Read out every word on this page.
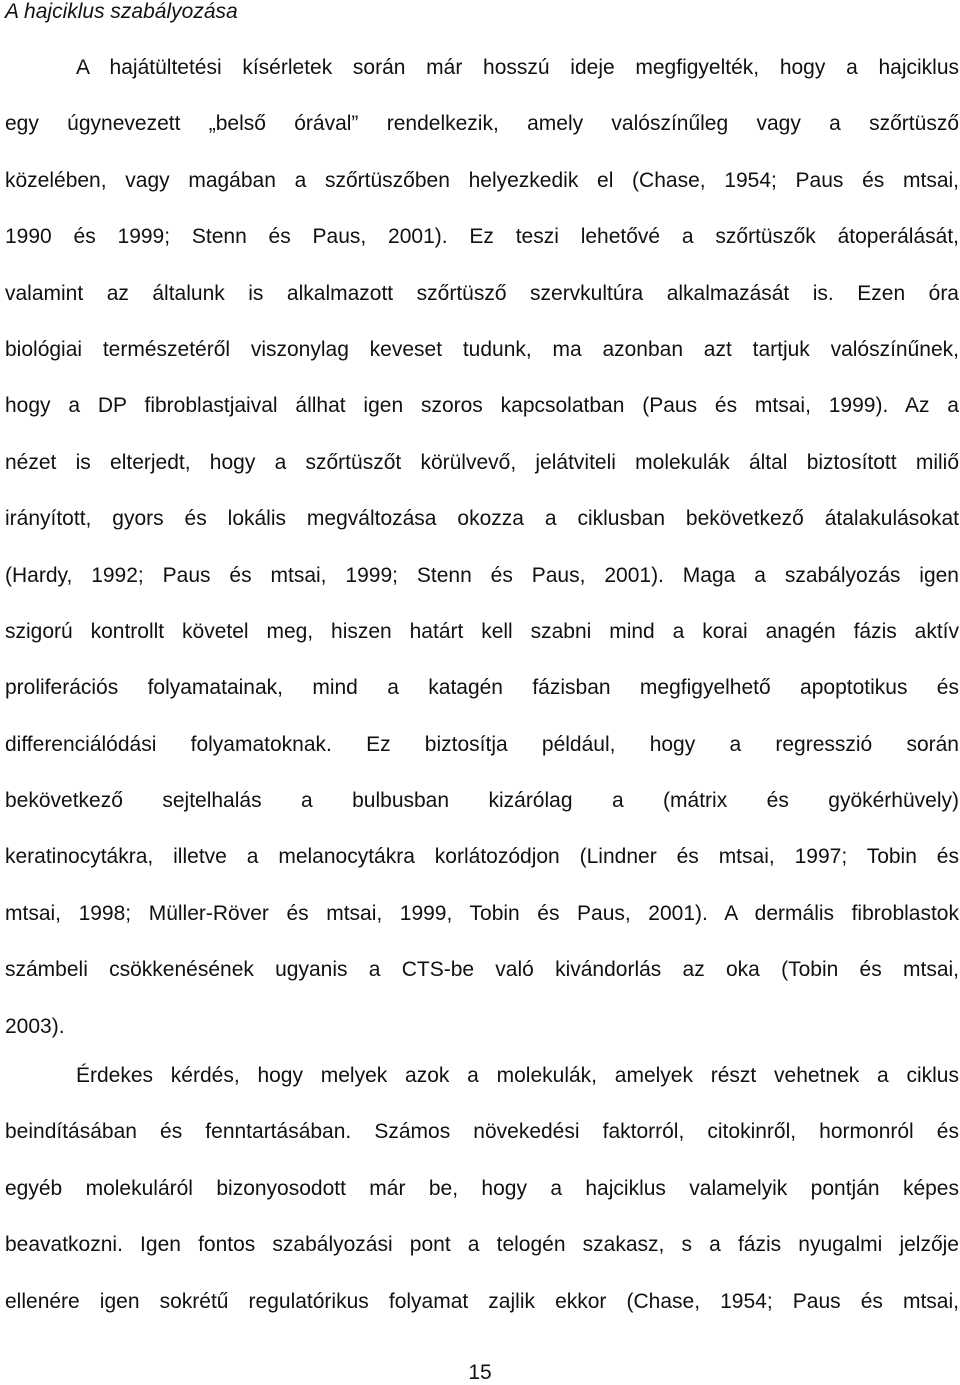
A hajciklus szabályozása

A hajátültetési kísérletek során már hosszú ideje megfigyelték, hogy a hajciklus
egy úgynevezett „belső órával” rendelkezik, amely valószínűleg vagy a szőrtüsző
közelében, vagy magában a szőrtüszőben helyezkedik el (Chase, 1954; Paus és mtsai,
1990 és 1999; Stenn és Paus, 2001). Ez teszi lehetővé a szőrtüszők átoperálását,
valamint az általunk is alkalmazott szőrtüsző szervkultúra alkalmazását is. Ezen óra
biológiai természetéről viszonylag keveset tudunk, ma azonban azt tartjuk valószínűnek,
hogy a DP fibroblastjaival állhat igen szoros kapcsolatban (Paus és mtsai, 1999). Az a
nézet is elterjedt, hogy a szőrtüszőt körülvevő, jelátviteli molekulák által biztosított miliő
irányított, gyors és lokális megváltozása okozza a ciklusban bekövetkező átalakulásokat
(Hardy, 1992; Paus és mtsai, 1999; Stenn és Paus, 2001). Maga a szabályozás igen
szigorú kontrollt követel meg, hiszen határt kell szabni mind a korai anagén fázis aktív
proliferációs folyamatainak, mind a katagén fázisban megfigyelhető apoptotikus és
differenciálódási folyamatoknak. Ez biztosítja például, hogy a regresszió során
bekövetkező sejtelhalás a bulbusban kizárólag a (mátrix és gyökérhüvely)
keratinocytákra, illetve a melanocytákra korlátozódjon (Lindner és mtsai, 1997; Tobin és
mtsai, 1998; Müller-Röver és mtsai, 1999, Tobin és Paus, 2001). A dermális fibroblastok
számbeli csökkenésének ugyanis a CTS-be való kivándorlás az oka (Tobin és mtsai,
2003).

Érdekes kérdés, hogy melyek azok a molekulák, amelyek részt vehetnek a ciklus
beindításában és fenntartásában. Számos növekedési faktorról, citokinről, hormonról és
egyéb molekuláról bizonyosodott már be, hogy a hajciklus valamelyik pontján képes
beavatkozni. Igen fontos szabályozási pont a telogén szakasz, s a fázis nyugalmi jelzője
ellenére igen sokrétű regulatórikus folyamat zajlik ekkor (Chase, 1954; Paus és mtsai,

15
